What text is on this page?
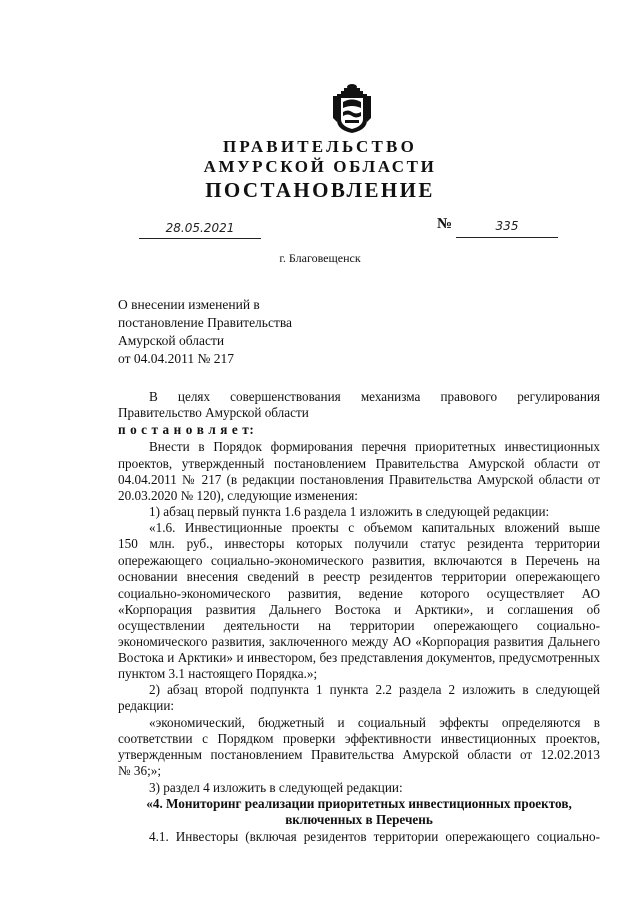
ПРАВИТЕЛЬСТВО
АМУРСКОЙ ОБЛАСТИ
ПОСТАНОВЛЕНИЕ
28.05.2021	№	335
г. Благовещенск
О внесении изменений в
постановление Правительства
Амурской области
от 04.04.2011 № 217
В целях совершенствования механизма правового регулирования
Правительство Амурской области
п о с т а н о в л я е т:
Внести в Порядок формирования перечня приоритетных инвестиционных
проектов, утвержденный постановлением Правительства Амурской области от
04.04.2011 № 217 (в редакции постановления Правительства Амурской области от
20.03.2020 № 120), следующие изменения:
1) абзац первый пункта 1.6 раздела 1 изложить в следующей редакции:
«1.6. Инвестиционные проекты с объемом капитальных вложений выше
150 млн. руб., инвесторы которых получили статус резидента территории
опережающего социально-экономического развития, включаются в Перечень на
основании внесения сведений в реестр резидентов территории опережающего
социально-экономического развития, ведение которого осуществляет АО
«Корпорация развития Дальнего Востока и Арктики», и соглашения об
осуществлении деятельности на территории опережающего социально-
экономического развития, заключенного между АО «Корпорация развития Дальнего
Востока и Арктики» и инвестором, без представления документов, предусмотренных
пунктом 3.1 настоящего Порядка.»;
2) абзац второй подпункта 1 пункта 2.2 раздела 2 изложить в следующей
редакции:
«экономический, бюджетный и социальный эффекты определяются в
соответствии с Порядком проверки эффективности инвестиционных проектов,
утвержденным постановлением Правительства Амурской области от 12.02.2013
№ 36;»;
3) раздел 4 изложить в следующей редакции:
«4. Мониторинг реализации приоритетных инвестиционных проектов,
включенных в Перечень
4.1. Инвесторы (включая резидентов территории опережающего социально-
